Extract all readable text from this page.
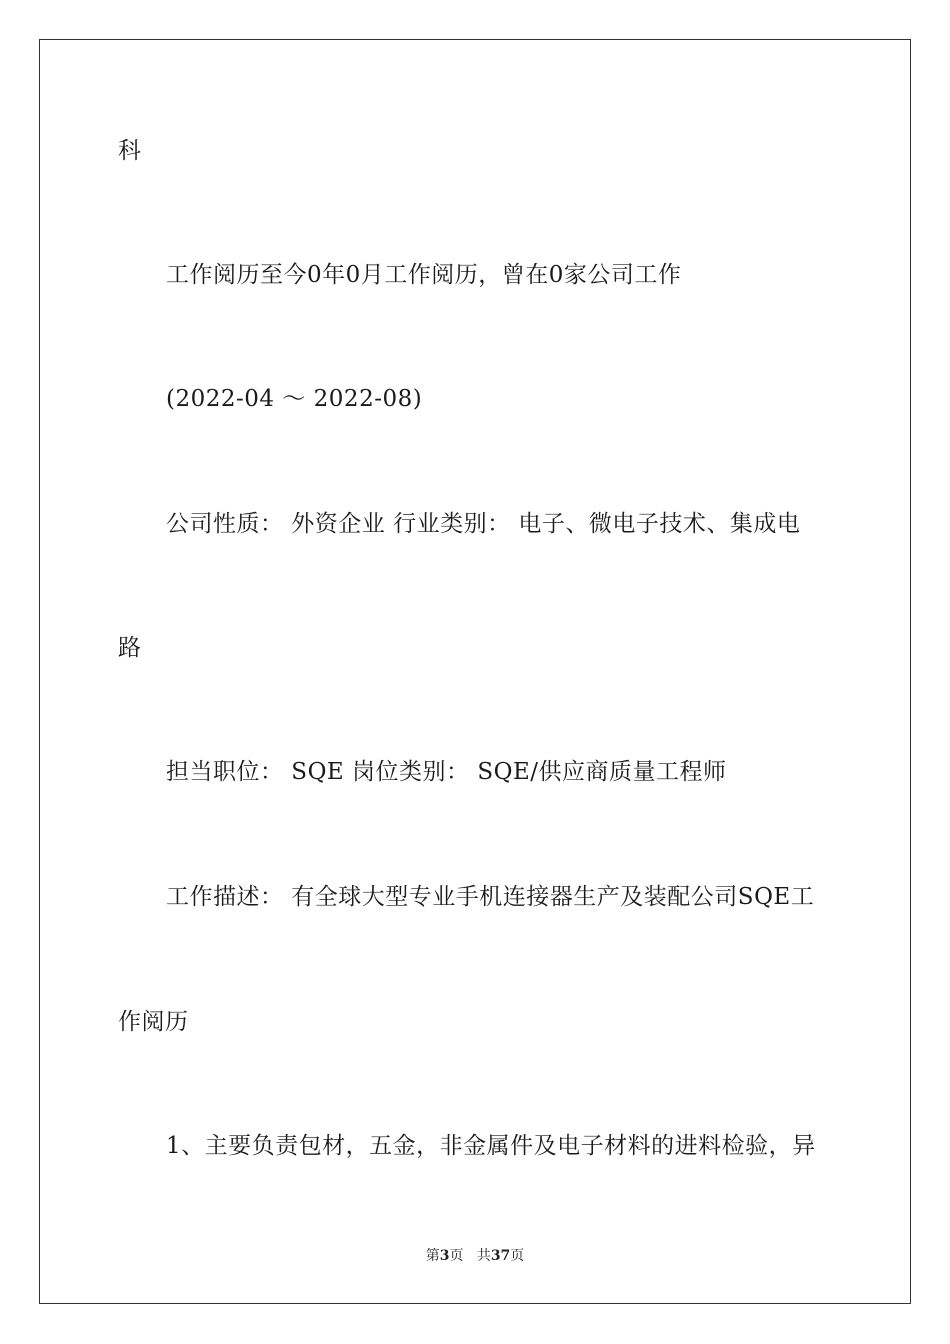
科
工作阅历至今0年0月工作阅历，曾在0家公司工作
(2022-04 ～ 2022-08)
公司性质： 外资企业 行业类别： 电子、微电子技术、集成电
路
担当职位： SQE 岗位类别： SQE/供应商质量工程师
工作描述： 有全球大型专业手机连接器生产及装配公司SQE工
作阅历
1、主要负责包材，五金，非金属件及电子材料的进料检验，异
第3页 共37页
